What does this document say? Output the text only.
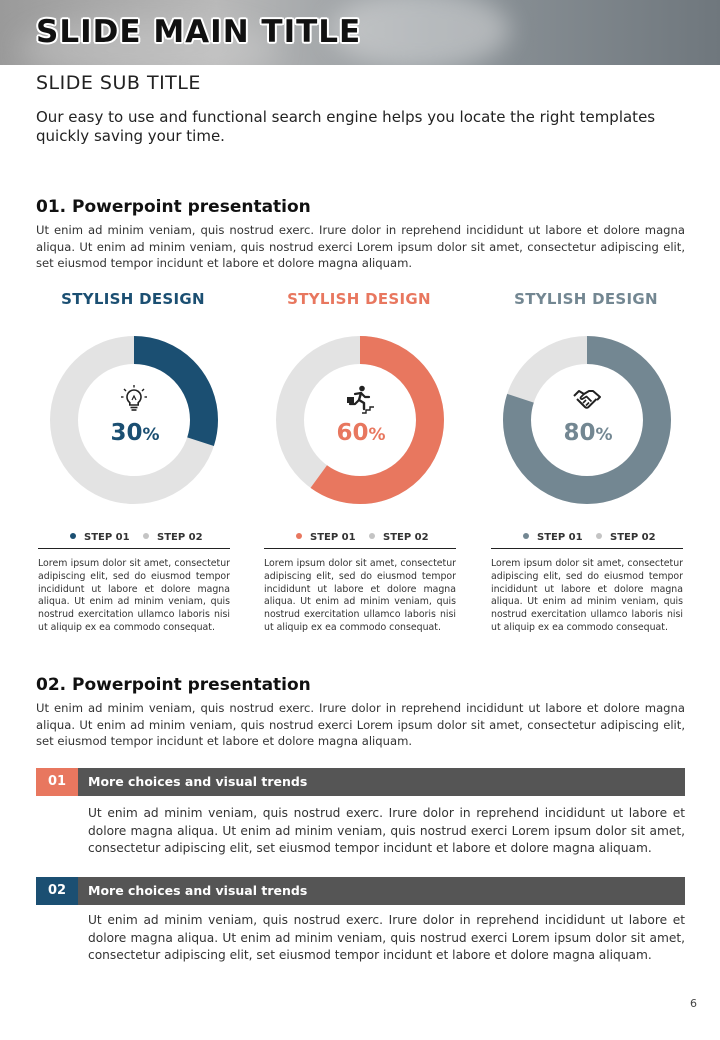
SLIDE MAIN TITLE
SLIDE SUB TITLE
Our easy to use and functional search engine helps you locate the right templates quickly saving your time.
01. Powerpoint presentation
Ut enim ad minim veniam, quis nostrud exerc. Irure dolor in reprehend incididunt ut labore et dolore magna aliqua. Ut enim ad minim veniam, quis nostrud exerci Lorem ipsum dolor sit amet, consectetur adipiscing elit, set eiusmod tempor incidunt et labore et dolore magna aliquam.
STYLISH DESIGN
30%
STEP 01	STEP 02
Lorem ipsum dolor sit amet, consectetur adipiscing elit, sed do eiusmod tempor incididunt ut labore et dolore magna aliqua. Ut enim ad minim veniam, quis nostrud exercitation ullamco laboris nisi ut aliquip ex ea commodo consequat.
STYLISH DESIGN
60%
STEP 01	STEP 02
Lorem ipsum dolor sit amet, consectetur adipiscing elit, sed do eiusmod tempor incididunt ut labore et dolore magna aliqua. Ut enim ad minim veniam, quis nostrud exercitation ullamco laboris nisi ut aliquip ex ea commodo consequat.
STYLISH DESIGN
80%
STEP 01	STEP 02
Lorem ipsum dolor sit amet, consectetur adipiscing elit, sed do eiusmod tempor incididunt ut labore et dolore magna aliqua. Ut enim ad minim veniam, quis nostrud exercitation ullamco laboris nisi ut aliquip ex ea commodo consequat.
02. Powerpoint presentation
Ut enim ad minim veniam, quis nostrud exerc. Irure dolor in reprehend incididunt ut labore et dolore magna aliqua. Ut enim ad minim veniam, quis nostrud exerci Lorem ipsum dolor sit amet, consectetur adipiscing elit, set eiusmod tempor incidunt et labore et dolore magna aliquam.
01	More choices and visual trends
Ut enim ad minim veniam, quis nostrud exerc. Irure dolor in reprehend incididunt ut labore et dolore magna aliqua. Ut enim ad minim veniam, quis nostrud exerci Lorem ipsum dolor sit amet, consectetur adipiscing elit, set eiusmod tempor incidunt et labore et dolore magna aliquam.
02	More choices and visual trends
Ut enim ad minim veniam, quis nostrud exerc. Irure dolor in reprehend incididunt ut labore et dolore magna aliqua. Ut enim ad minim veniam, quis nostrud exerci Lorem ipsum dolor sit amet, consectetur adipiscing elit, set eiusmod tempor incidunt et labore et dolore magna aliquam.
6
